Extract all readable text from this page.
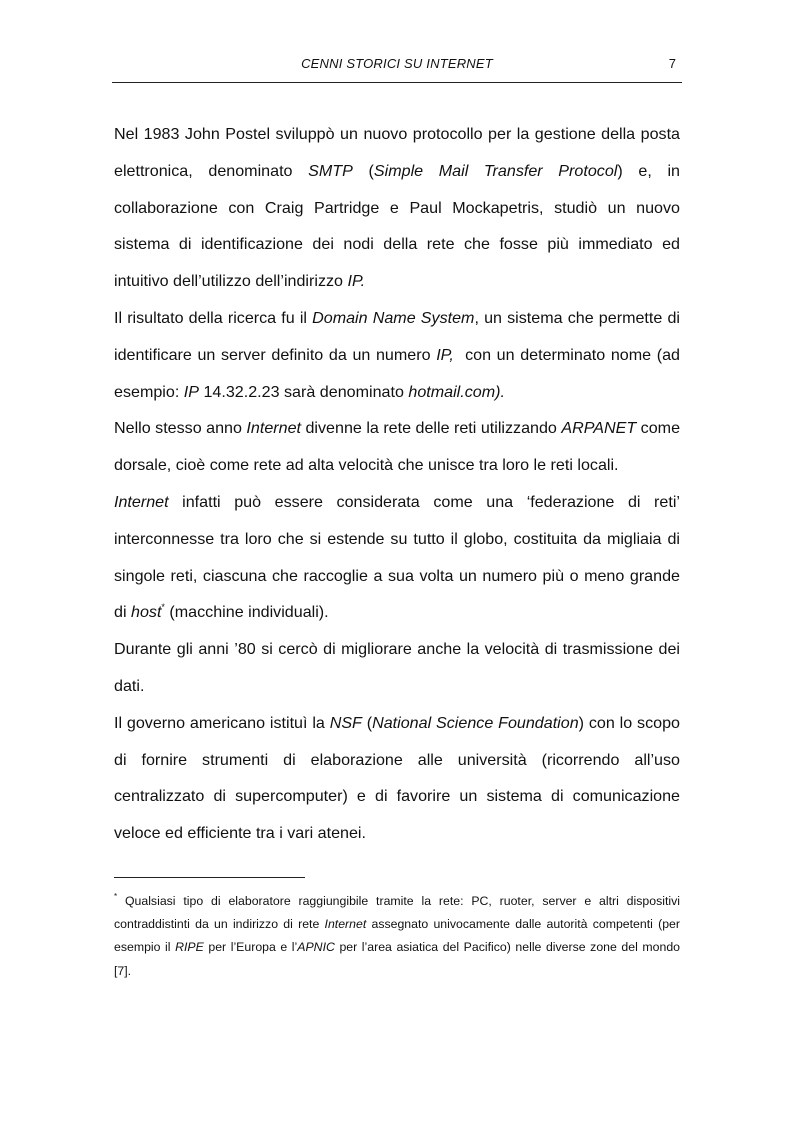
CENNI STORICI SU INTERNET	7

Nel 1983 John Postel sviluppò un nuovo protocollo per la gestione della posta elettronica, denominato SMTP (Simple Mail Transfer Protocol) e, in collaborazione con Craig Partridge e Paul Mockapetris, studiò un nuovo sistema di identificazione dei nodi della rete che fosse più immediato ed intuitivo dell’utilizzo dell’indirizzo IP.

Il risultato della ricerca fu il Domain Name System, un sistema che permette di identificare un server definito da un numero IP,  con un determinato nome (ad esempio: IP 14.32.2.23 sarà denominato hotmail.com).

Nello stesso anno Internet divenne la rete delle reti utilizzando ARPANET come dorsale, cioè come rete ad alta velocità che unisce tra loro le reti locali.

Internet infatti può essere considerata come una ‘federazione di reti’ interconnesse tra loro che si estende su tutto il globo, costituita da migliaia di singole reti, ciascuna che raccoglie a sua volta un numero più o meno grande di host* (macchine individuali).

Durante gli anni ’80 si cercò di migliorare anche la velocità di trasmissione dei dati.

Il governo americano istituì la NSF (National Science Foundation) con lo scopo di fornire strumenti di elaborazione alle università (ricorrendo all’uso centralizzato di supercomputer) e di favorire un sistema di comunicazione veloce ed efficiente tra i vari atenei.

* Qualsiasi tipo di elaboratore raggiungibile tramite la rete: PC, ruoter, server e altri dispositivi contraddistinti da un indirizzo di rete Internet assegnato univocamente dalle autorità competenti (per esempio il RIPE per l’Europa e l’APNIC per l’area asiatica del Pacifico) nelle diverse zone del mondo [7].
